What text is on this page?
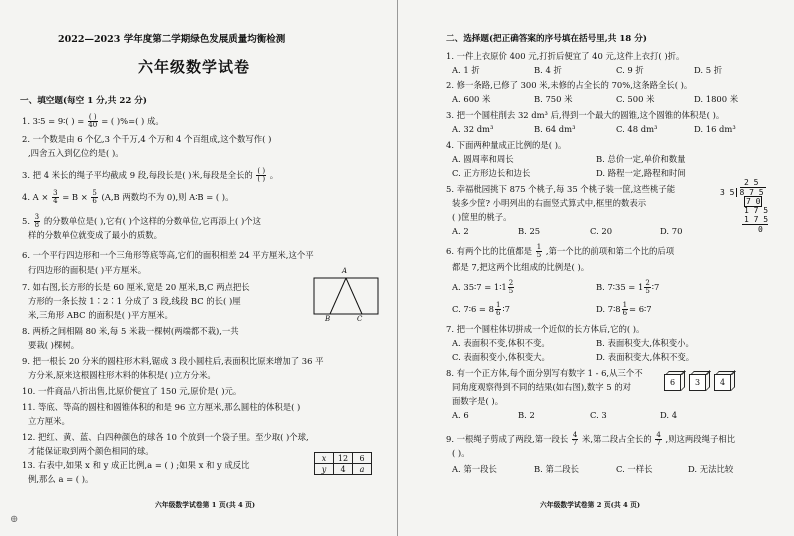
2022—2023 学年度第二学期绿色发展质量均衡检测
六年级数学试卷
一、填空题(每空 1 分,共 22 分)
1. 3∶5 = 9∶( ) = $\frac{( )}{40}$ = ( )%=( ) 成。
2. 一个数是由 6 个亿,3 个千万,4 个万和 4 个百组成,这个数写作( )
,四舍五入到亿位约是( )。
3. 把 4 米长的绳子平均截成 9 段,每段长是( )米,每段是全长的 $\frac{( )}{( )}$ 。
4. $A \times \frac{3}{4} = B \times \frac{5}{6} (A,B$ 两数均不为 0),则 A∶B = ( )。
5. $\frac{3}{8}$ 的分数单位是( ),它有( )个这样的分数单位,它再添上( )个这
样的分数单位就变成了最小的质数。
6. 一个平行四边形和一个三角形等底等高,它们的面积相差 24 平方厘米,这个平
行四边形的面积是( )平方厘米。
7. 如右图,长方形的长是 60 厘米,宽是 20 厘米,B,C 两点把长
方形的一条长按 1∶2∶1 分成了 3 段,线段 BC 的长( )厘
米,三角形 ABC 的面积是( )平方厘米。
A
B	C
8. 两桥之间相隔 80 米,每 5 米栽一棵树(两端都不栽),一共
要栽( )棵树。
9. 把一根长 20 分米的圆柱形木料,锯成 3 段小圆柱后,表面积比原来增加了 36 平
方分米,原来这根圆柱形木料的体积是( )立方分米。
10. 一件商品八折出售,比原价便宜了 150 元,原价是( )元。
11. 等底、等高的圆柱和圆锥体积的和是 96 立方厘米,那么圆柱的体积是( )
立方厘米。
12. 把红、黄、蓝、白四种颜色的球各 10 个放到一个袋子里。至少取( )个球,
才能保证取到两个颜色相同的球。
13. 右表中,如果 x 和 y 成正比例,a = ( ) ;如果 x 和 y 成反比
例,那么 a = ( )。
x	12	6
y	4	a
六年级数学试卷第 1 页(共 4 页)
⊕
二、选择题(把正确答案的序号填在括号里,共 18 分)
1. 一件上衣原价 400 元,打折后便宜了 40 元,这件上衣打( )折。
A. 1 折	B. 4 折	C. 9 折	D. 5 折
2. 修一条路,已修了 300 米,未修的占全长的 70%,这条路全长( )。
A. 600 米	B. 750 米	C. 500 米	D. 1800 米
3. 把一个圆柱削去 32 dm³ 后,得到一个最大的圆锥,这个圆锥的体积是( )。
A. 32 dm³	B. 64 dm³	C. 48 dm³	D. 16 dm³
4. 下面两种量成正比例的是( )。
A. 圆周率和周长	B. 总价一定,单价和数量
C. 正方形边长和边长	D. 路程一定,路程和时间
5. 幸福枇园挑下 875 个桃子,每 35 个桃子装一筐,这些桃子能
装多少筐? 小明列出的右面竖式算式中,框里的数表示
( )筐里的桃子。
A. 2	B. 25	C. 20	D. 70
2 5
3 5 8 7 5
7 0
1 7 5
1 7 5
0
6. 有两个比的比值都是 $\frac{1}{5}$ ,第一个比的前项和第二个比的后项
都是 7,把这两个比组成的比例是( )。
A. 35∶7 = 1∶1 $\frac{2}{5}$	B. 7∶35 = $1 \frac{2}{5}$ ∶7
C. 7∶6 = $8 \frac{1}{6}$ ∶7	D. 7∶8 $\frac{1}{6}$ = 6∶7
7. 把一个圆柱体切拼成一个近似的长方体后,它的( )。
A. 表面积不变,体积不变。	B. 表面积变大,体积变小。
C. 表面积变小,体积变大。	D. 表面积变大,体积不变。
8. 有一个正方体,每个面分别写有数字 1 - 6,从三个不
同角度观察得到不同的结果(如右图),数字 5 的对
面数字是( )。
A. 6	B. 2	C. 3	D. 4
6	3	4
9. 一根绳子剪成了两段,第一段长 $\frac{4}{7}$ 米,第二段占全长的 $\frac{4}{7}$ ,则这两段绳子相比
( )。
A. 第一段长	B. 第二段长	C. 一样长	D. 无法比较
六年级数学试卷第 2 页(共 4 页)
